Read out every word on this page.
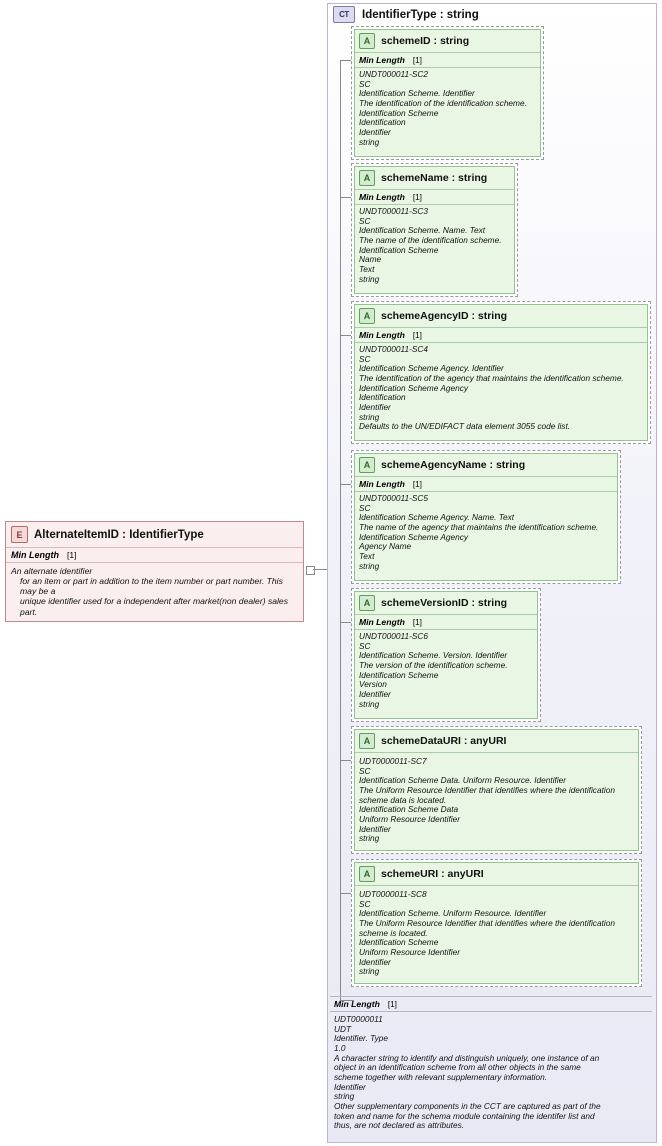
E	AlternateItemID : IdentifierType
Min Length [1]
An alternate identifier
for an item or part in addition to the item number or part number. This may be a
unique identifier used for a independent after market(non dealer) sales part.
CT	IdentifierType : string
A	schemeID : string
Min Length [1]
UNDT000011-SC2
SC
Identification Scheme. Identifier
The identification of the identification scheme.
Identification Scheme
Identification
Identifier
string
A	schemeName : string
Min Length [1]
UNDT000011-SC3
SC
Identification Scheme. Name. Text
The name of the identification scheme.
Identification Scheme
Name
Text
string
A	schemeAgencyID : string
Min Length [1]
UNDT000011-SC4
SC
Identification Scheme Agency. Identifier
The identification of the agency that maintains the identification scheme.
Identification Scheme Agency
Identification
Identifier
string
Defaults to the UN/EDIFACT data element 3055 code list.
A	schemeAgencyName : string
Min Length [1]
UNDT000011-SC5
SC
Identification Scheme Agency. Name. Text
The name of the agency that maintains the identification scheme.
Identification Scheme Agency
Agency Name
Text
string
A	schemeVersionID : string
Min Length [1]
UNDT000011-SC6
SC
Identification Scheme. Version. Identifier
The version of the identification scheme.
Identification Scheme
Version
Identifier
string
A	schemeDataURI : anyURI
UDT0000011-SC7
SC
Identification Scheme Data. Uniform Resource. Identifier
The Uniform Resource Identifier that identifies where the identification
scheme data is located.
Identification Scheme Data
Uniform Resource Identifier
Identifier
string
A	schemeURI : anyURI
UDT0000011-SC8
SC
Identification Scheme. Uniform Resource. Identifier
The Uniform Resource Identifier that identifies where the identification
scheme is located.
Identification Scheme
Uniform Resource Identifier
Identifier
string
Min Length [1]
UDT0000011
UDT
Identifier. Type
1.0
A character string to identify and distinguish uniquely, one instance of an
object in an identification scheme from all other objects in the same
scheme together with relevant supplementary information.
Identifier
string
Other supplementary components in the CCT are captured as part of the
token and name for the schema module containing the identifer list and
thus, are not declared as attributes.
